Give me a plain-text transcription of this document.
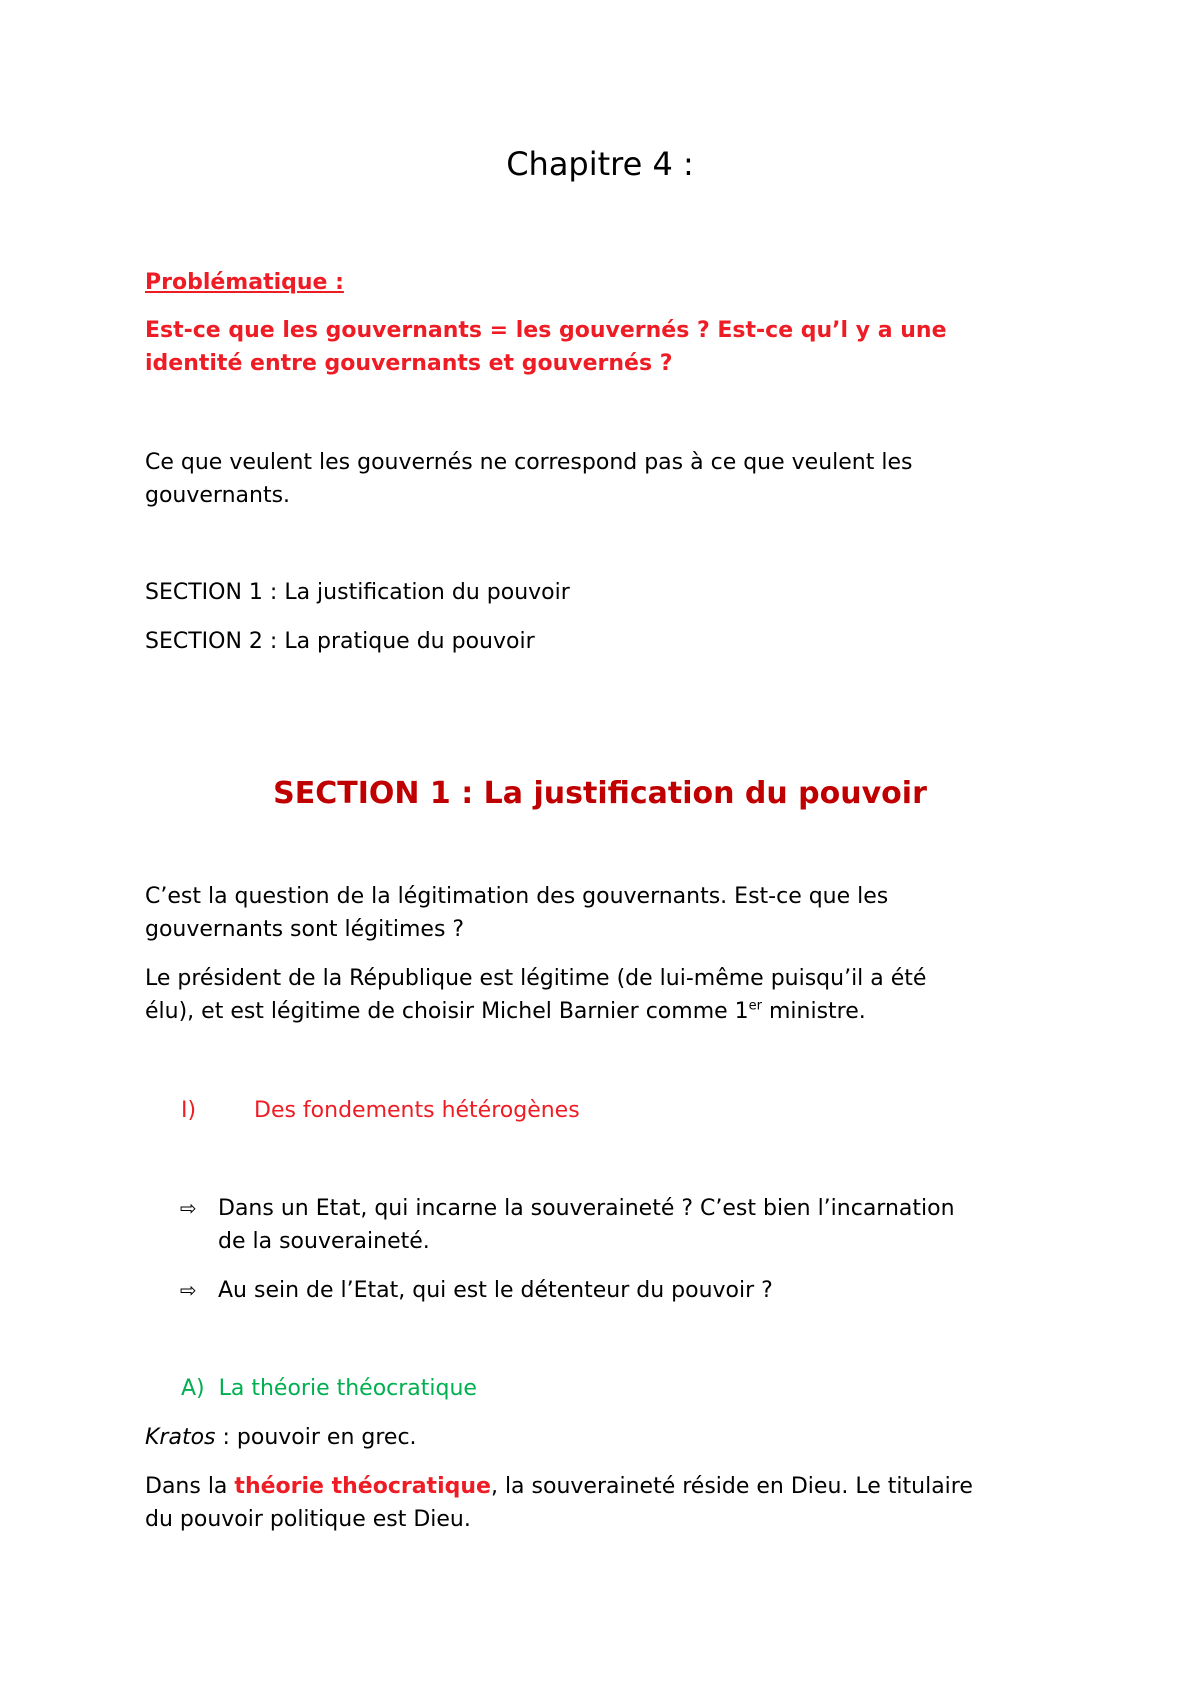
Chapitre 4 :

Problématique :

Est-ce que les gouvernants = les gouvernés ? Est-ce qu’l y a une

identité entre gouvernants et gouvernés ?

Ce que veulent les gouvernés ne correspond pas à ce que veulent les

gouvernants.

SECTION 1 : La justification du pouvoir

SECTION 2 : La pratique du pouvoir

SECTION 1 : La justification du pouvoir

C’est la question de la légitimation des gouvernants. Est-ce que les

gouvernants sont légitimes ?

Le président de la République est légitime (de lui-même puisqu’il a été

élu), et est légitime de choisir Michel Barnier comme 1er ministre.

I)	Des fondements hétérogènes
⇨ Dans un Etat, qui incarne la souveraineté ? C’est bien l’incarnation
de la souveraineté.
⇨ Au sein de l’Etat, qui est le détenteur du pouvoir ?

A)  La théorie théocratique

Kratos : pouvoir en grec.

Dans la théorie théocratique, la souveraineté réside en Dieu. Le titulaire

du pouvoir politique est Dieu.
